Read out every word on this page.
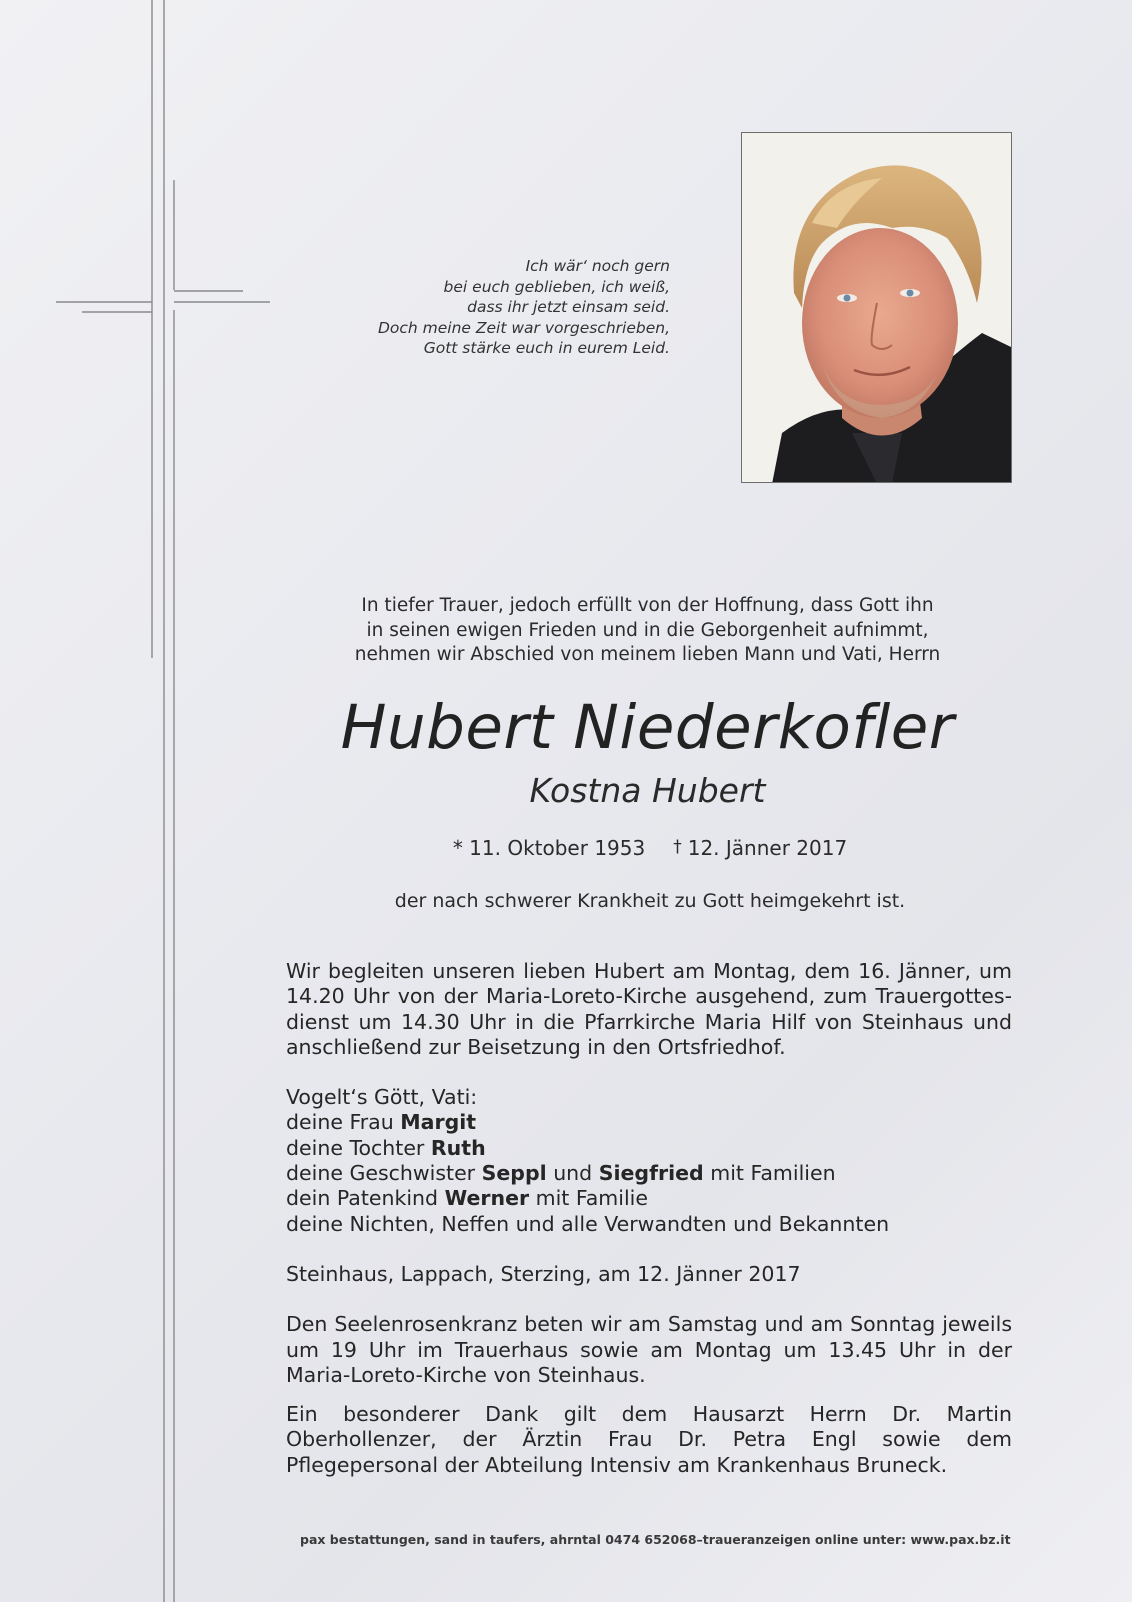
Ich wär‘ noch gern
bei euch geblieben, ich weiß,
dass ihr jetzt einsam seid.
Doch meine Zeit war vorgeschrieben,
Gott stärke euch in eurem Leid.
In tiefer Trauer, jedoch erfüllt von der Hoffnung, dass Gott ihn
in seinen ewigen Frieden und in die Geborgenheit aufnimmt,
nehmen wir Abschied von meinem lieben Mann und Vati, Herrn
Hubert Niederkofler
Kostna Hubert
* 11. Oktober 1953 † 12. Jänner 2017
der nach schwerer Krankheit zu Gott heimgekehrt ist.
Wir begleiten unseren lieben Hubert am Montag, dem 16. Jänner, um 14.20 Uhr von der Maria-Loreto-Kirche ausgehend, zum Trauergottes-dienst um 14.30 Uhr in die Pfarrkirche Maria Hilf von Steinhaus und anschließend zur Beisetzung in den Ortsfriedhof.
Vogelt‘s Gött, Vati:
deine Frau Margit
deine Tochter Ruth
deine Geschwister Seppl und Siegfried mit Familien
dein Patenkind Werner mit Familie
deine Nichten, Neffen und alle Verwandten und Bekannten
Steinhaus, Lappach, Sterzing, am 12. Jänner 2017
Den Seelenrosenkranz beten wir am Samstag und am Sonntag jeweils um 19 Uhr im Trauerhaus sowie am Montag um 13.45 Uhr in der Maria-Loreto-Kirche von Steinhaus.
Ein besonderer Dank gilt dem Hausarzt Herrn Dr. Martin Oberhollenzer, der Ärztin Frau Dr. Petra Engl sowie dem Pflegepersonal der Abteilung Intensiv am Krankenhaus Bruneck.
pax bestattungen, sand in taufers, ahrntal 0474 652068–traueranzeigen online unter: www.pax.bz.it
